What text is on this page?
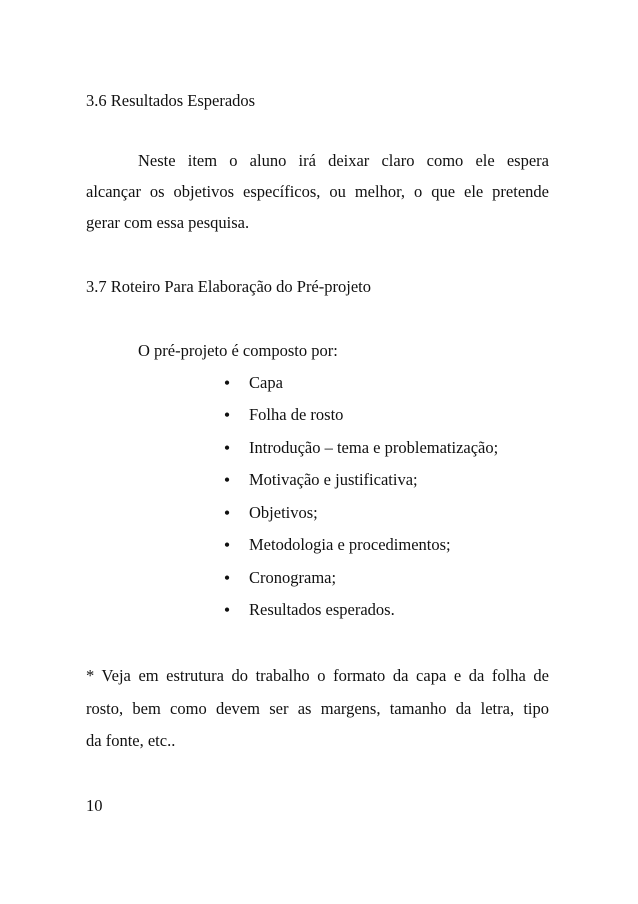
3.6 Resultados Esperados
Neste item o aluno irá deixar claro como ele espera
alcançar os objetivos específicos, ou melhor, o que ele pretende
gerar com essa pesquisa.
3.7 Roteiro Para Elaboração do Pré-projeto
O pré-projeto é composto por:
• Capa
• Folha de rosto
• Introdução – tema e problematização;
• Motivação e justificativa;
• Objetivos;
• Metodologia e procedimentos;
• Cronograma;
• Resultados esperados.
* Veja em estrutura do trabalho o formato da capa e da folha de
rosto, bem como devem ser as margens, tamanho da letra, tipo
da fonte, etc..
10
